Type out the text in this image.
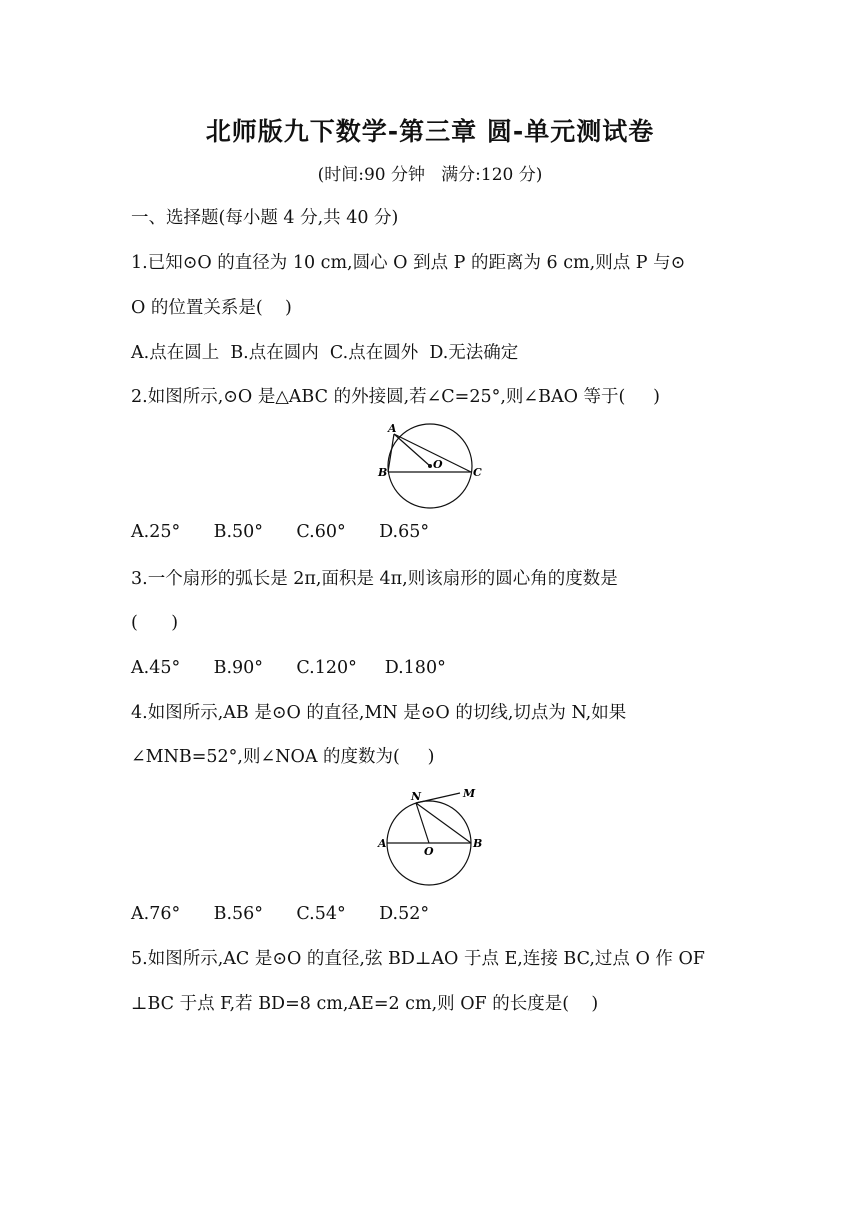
北师版九下数学-第三章 圆-单元测试卷
(时间:90 分钟   满分:120 分)
一、选择题(每小题 4 分,共 40 分)
1.已知⊙O 的直径为 10 cm,圆心 O 到点 P 的距离为 6 cm,则点 P 与⊙
O 的位置关系是(    )
A.点在圆上  B.点在圆内  C.点在圆外  D.无法确定
2.如图所示,⊙O 是△ABC 的外接圆,若∠C=25°,则∠BAO 等于(     )
A
B	C
O
A.25°      B.50°      C.60°      D.65°
3.一个扇形的弧长是 2π,面积是 4π,则该扇形的圆心角的度数是
(      )
A.45°      B.90°      C.120°     D.180°
4.如图所示,AB 是⊙O 的直径,MN 是⊙O 的切线,切点为 N,如果
∠MNB=52°,则∠NOA 的度数为(     )
N	M
A	B
O
A.76°      B.56°      C.54°      D.52°
5.如图所示,AC 是⊙O 的直径,弦 BD⊥AO 于点 E,连接 BC,过点 O 作 OF
⊥BC 于点 F,若 BD=8 cm,AE=2 cm,则 OF 的长度是(    )
